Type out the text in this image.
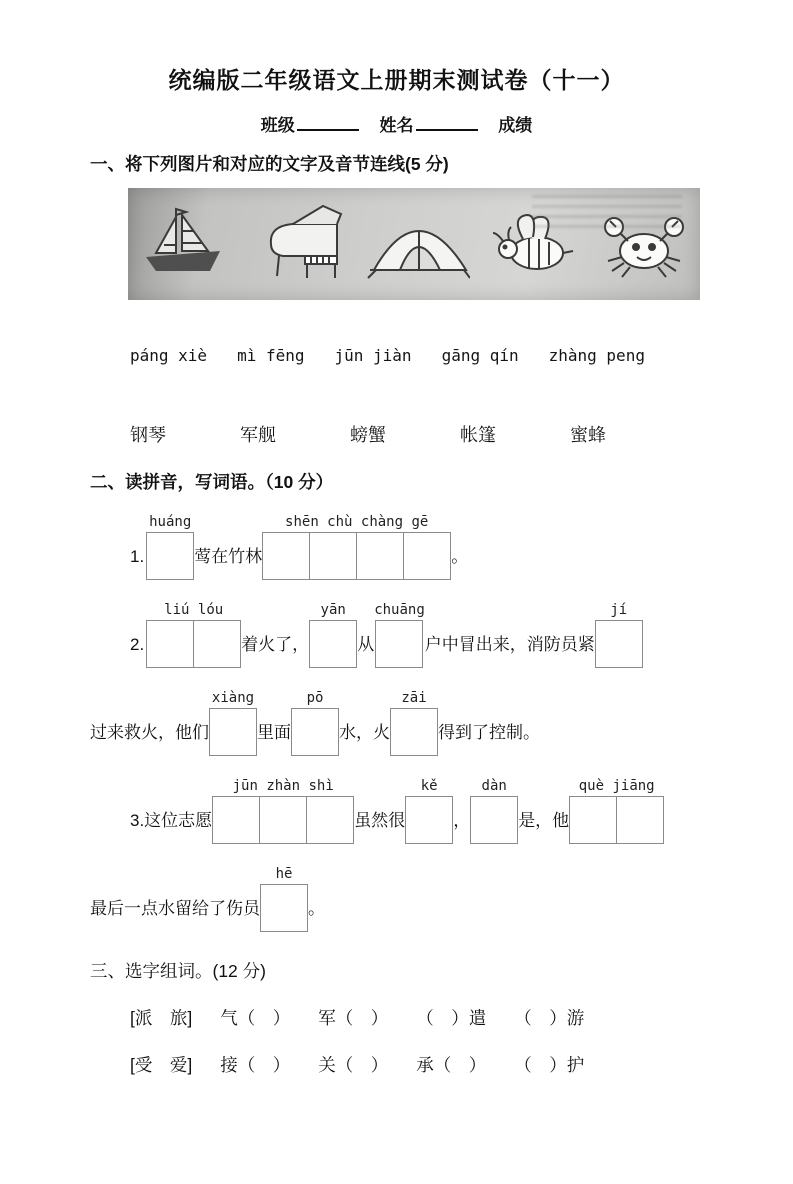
统编版二年级语文上册期末测试卷（十一）
班级	姓名	成绩
一、将下列图片和对应的文字及音节连线(5 分)
páng xiè mì fēng jūn jiàn gāng qín zhàng peng
钢琴	军舰	螃蟹	帐篷	蜜蜂
二、读拼音，写词语。（10 分）
1.
huáng
莺在竹林
shēn chù chàng gē
。
2.
liú lóu
着火了，
yān
从
chuāng
户中冒出来，消防员紧
jí
过来救火，他们
xiàng
里面
pō
水，火
zāi
得到了控制。
3.这位志愿
jūn zhàn shì
虽然很
kě
，
dàn
是，他
què jiāng
最后一点水留给了伤员
hē
。
三、选字组词。(12 分)
[派　旅] 气（　） 军（　） （　）遣 （　）游
[受　爱] 接（　） 关（　） 承（　） （　）护
